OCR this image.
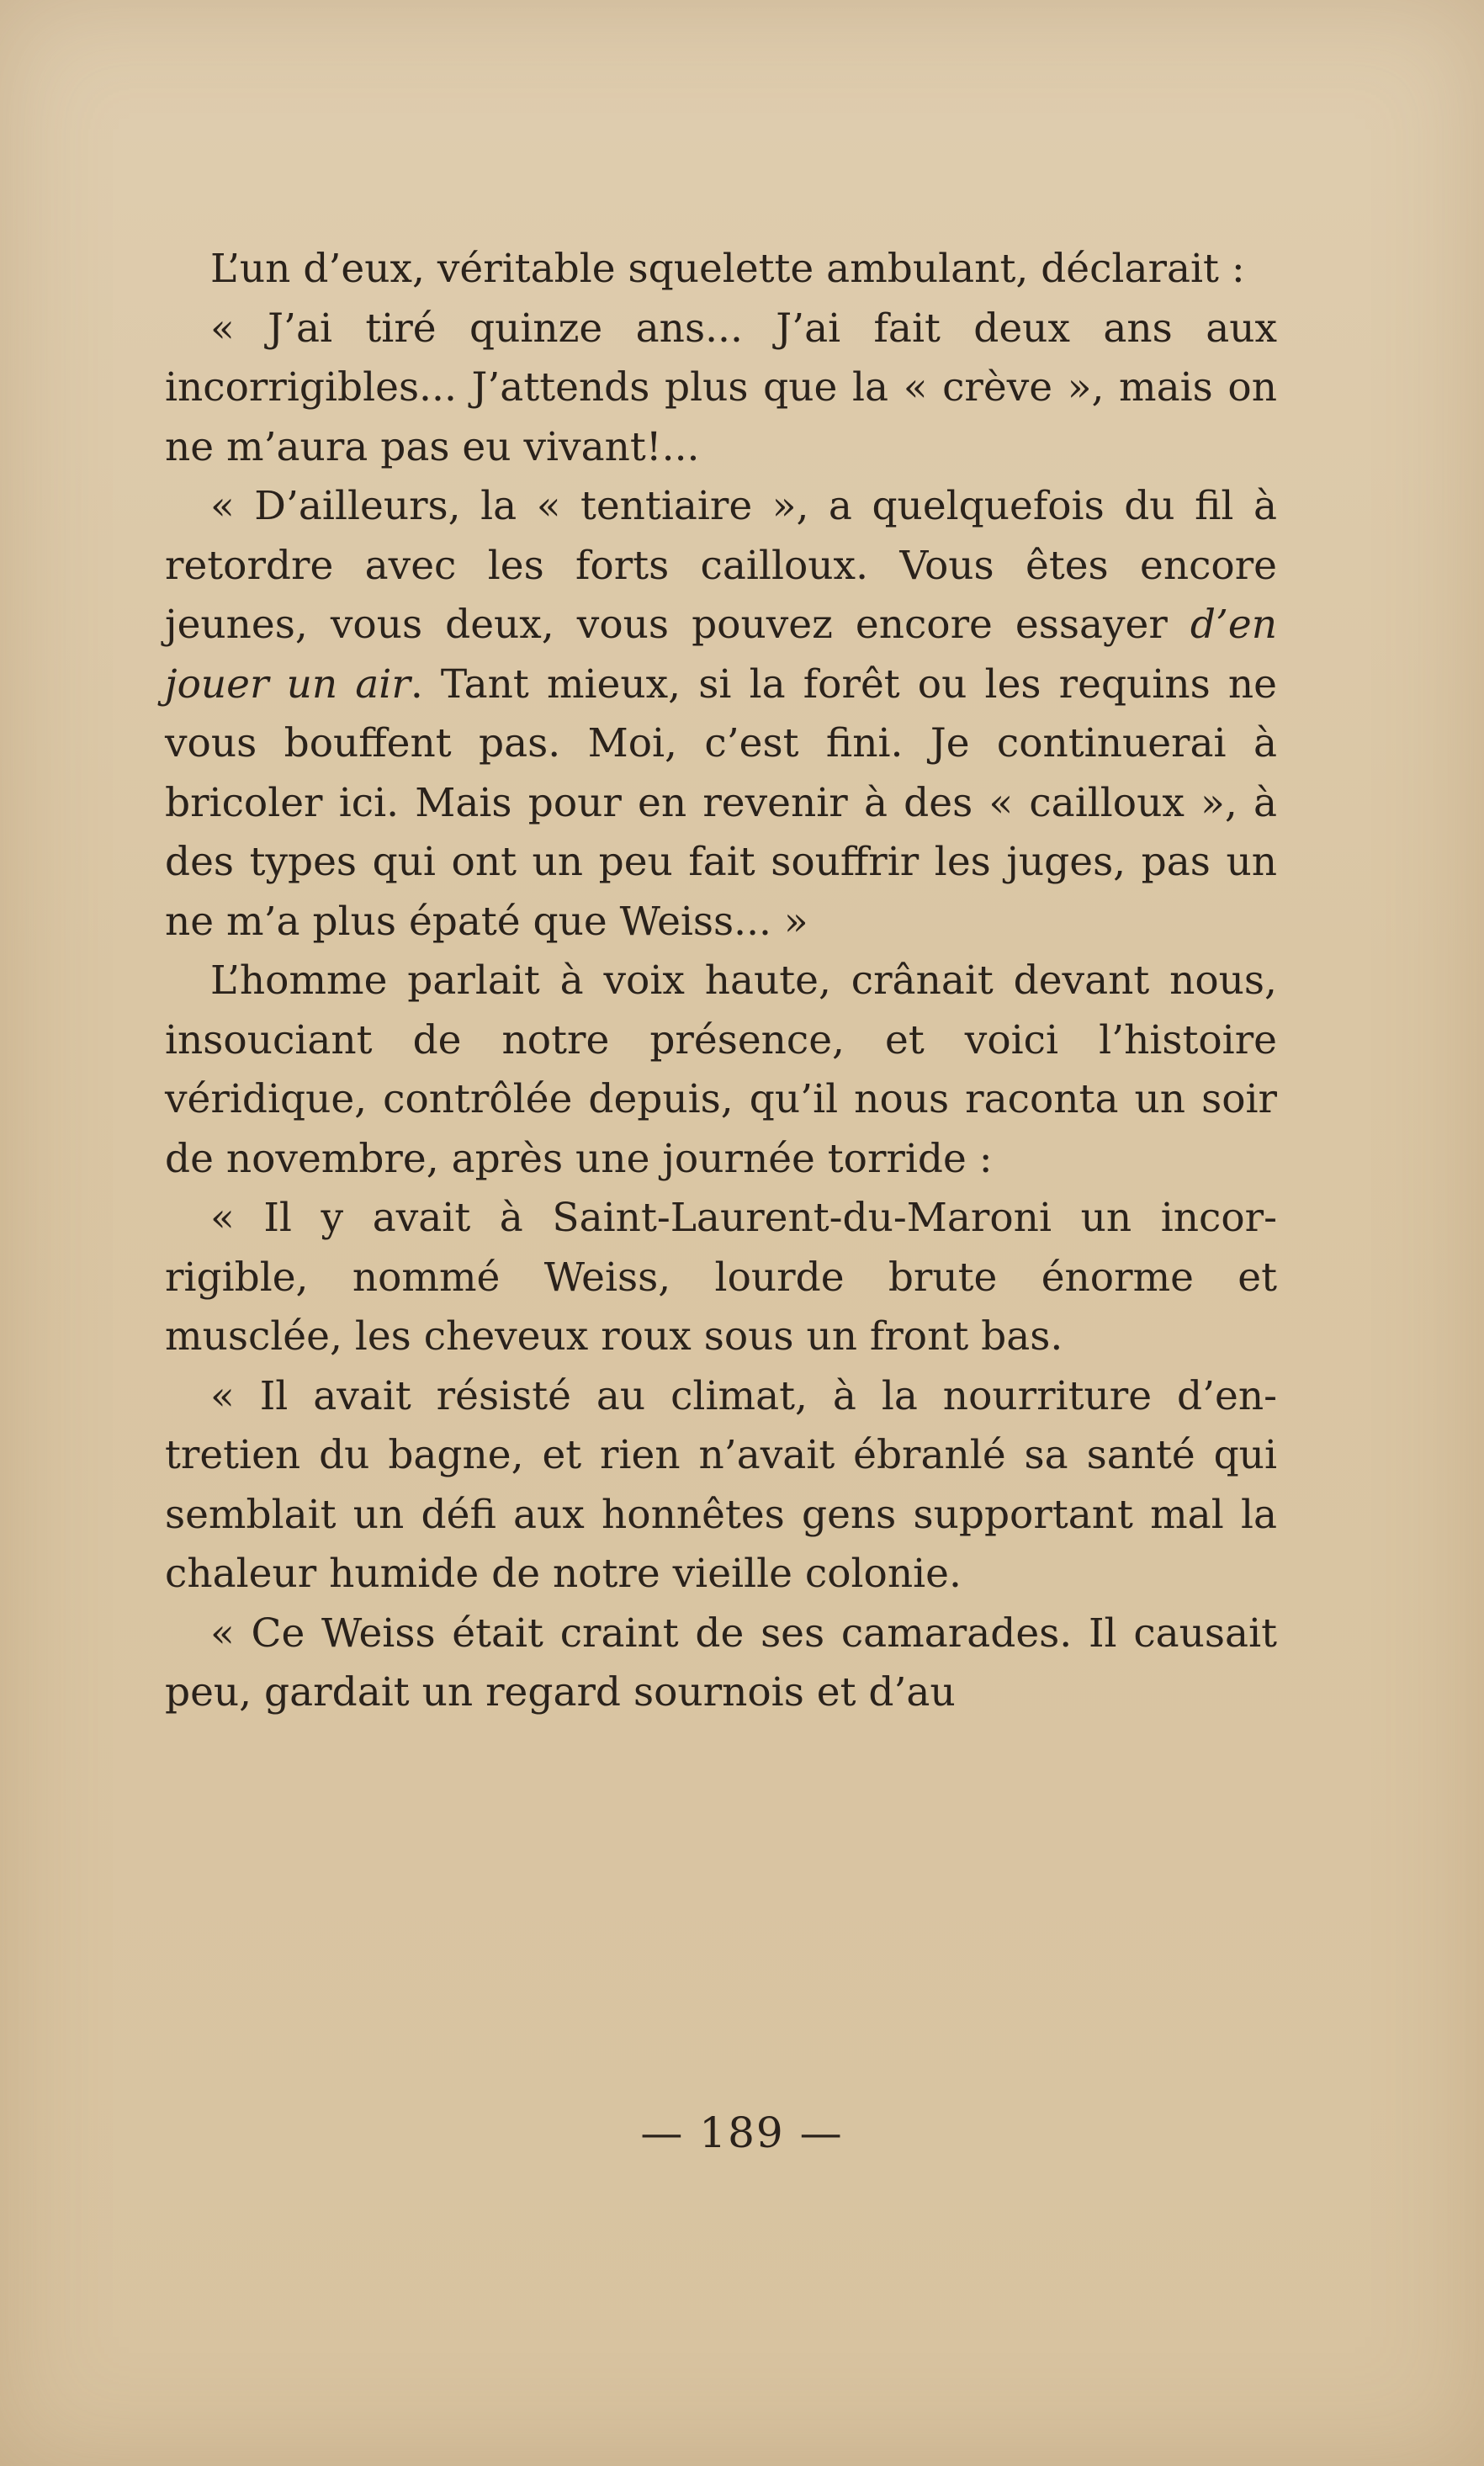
L’un d’eux, véritable squelette ambulant, déclarait :

« J’ai tiré quinze ans... J’ai fait deux ans aux incorrigibles... J’attends plus que la « crève », mais on ne m’aura pas eu vivant!...

« D’ailleurs, la « tentiaire », a quelquefois du fil à retordre avec les forts cailloux. Vous êtes encore jeunes, vous deux, vous pouvez encore essayer d’en jouer un air. Tant mieux, si la forêt ou les requins ne vous bouffent pas. Moi, c’est fini. Je continuerai à bricoler ici. Mais pour en revenir à des « cailloux », à des types qui ont un peu fait souffrir les juges, pas un ne m’a plus épaté que Weiss... »

L’homme parlait à voix haute, crânait devant nous, insouciant de notre présence, et voici l’histoire véridique, contrôlée depuis, qu’il nous raconta un soir de novembre, après une journée torride :

« Il y avait à Saint-Laurent-du-Maroni un incorrigible, nommé Weiss, lourde brute énorme et musclée, les cheveux roux sous un front bas.

« Il avait résisté au climat, à la nourriture d’entretien du bagne, et rien n’avait ébranlé sa santé qui semblait un défi aux honnêtes gens supportant mal la chaleur humide de notre vieille colonie.

« Ce Weiss était craint de ses camarades. Il causait peu, gardait un regard sournois et d’au

— 189 —
